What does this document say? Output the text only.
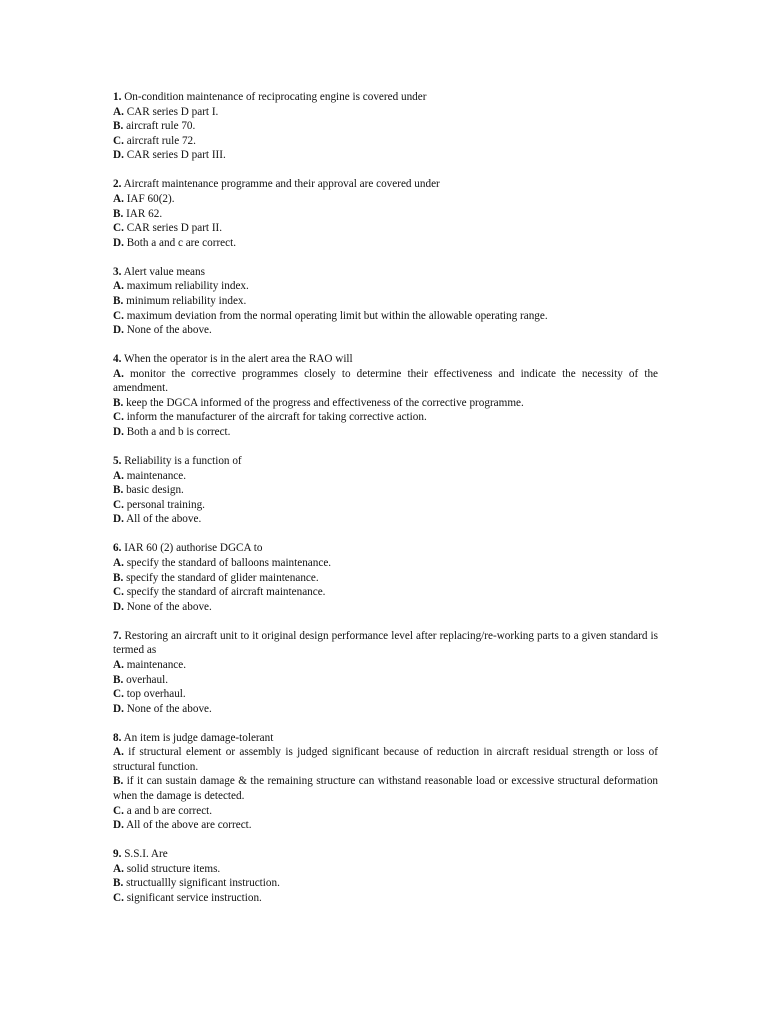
1. On-condition maintenance of reciprocating engine is covered under
A. CAR series D part I.
B. aircraft rule 70.
C. aircraft rule 72.
D. CAR series D part III.
2. Aircraft maintenance programme and their approval are covered under
A. IAF 60(2).
B. IAR 62.
C. CAR series D part II.
D. Both a and c are correct.
3. Alert value means
A. maximum reliability index.
B. minimum reliability index.
C. maximum deviation from the normal operating limit but within the allowable operating range.
D. None of the above.
4. When the operator is in the alert area the RAO will
A. monitor the corrective programmes closely to determine their effectiveness and indicate the necessity of the amendment.
B. keep the DGCA informed of the progress and effectiveness of the corrective programme.
C. inform the manufacturer of the aircraft for taking corrective action.
D. Both a and b is correct.
5. Reliability is a function of
A. maintenance.
B. basic design.
C. personal training.
D. All of the above.
6. IAR 60 (2) authorise DGCA to
A. specify the standard of balloons maintenance.
B. specify the standard of glider maintenance.
C. specify the standard of aircraft maintenance.
D. None of the above.
7. Restoring an aircraft unit to it original design performance level after replacing/re-working parts to a given standard is termed as
A. maintenance.
B. overhaul.
C. top overhaul.
D. None of the above.
8. An item is judge damage-tolerant
A. if structural element or assembly is judged significant because of reduction in aircraft residual strength or loss of structural function.
B. if it can sustain damage & the remaining structure can withstand reasonable load or excessive structural deformation when the damage is detected.
C. a and b are correct.
D. All of the above are correct.
9. S.S.I. Are
A. solid structure items.
B. structuallly significant instruction.
C. significant service instruction.
